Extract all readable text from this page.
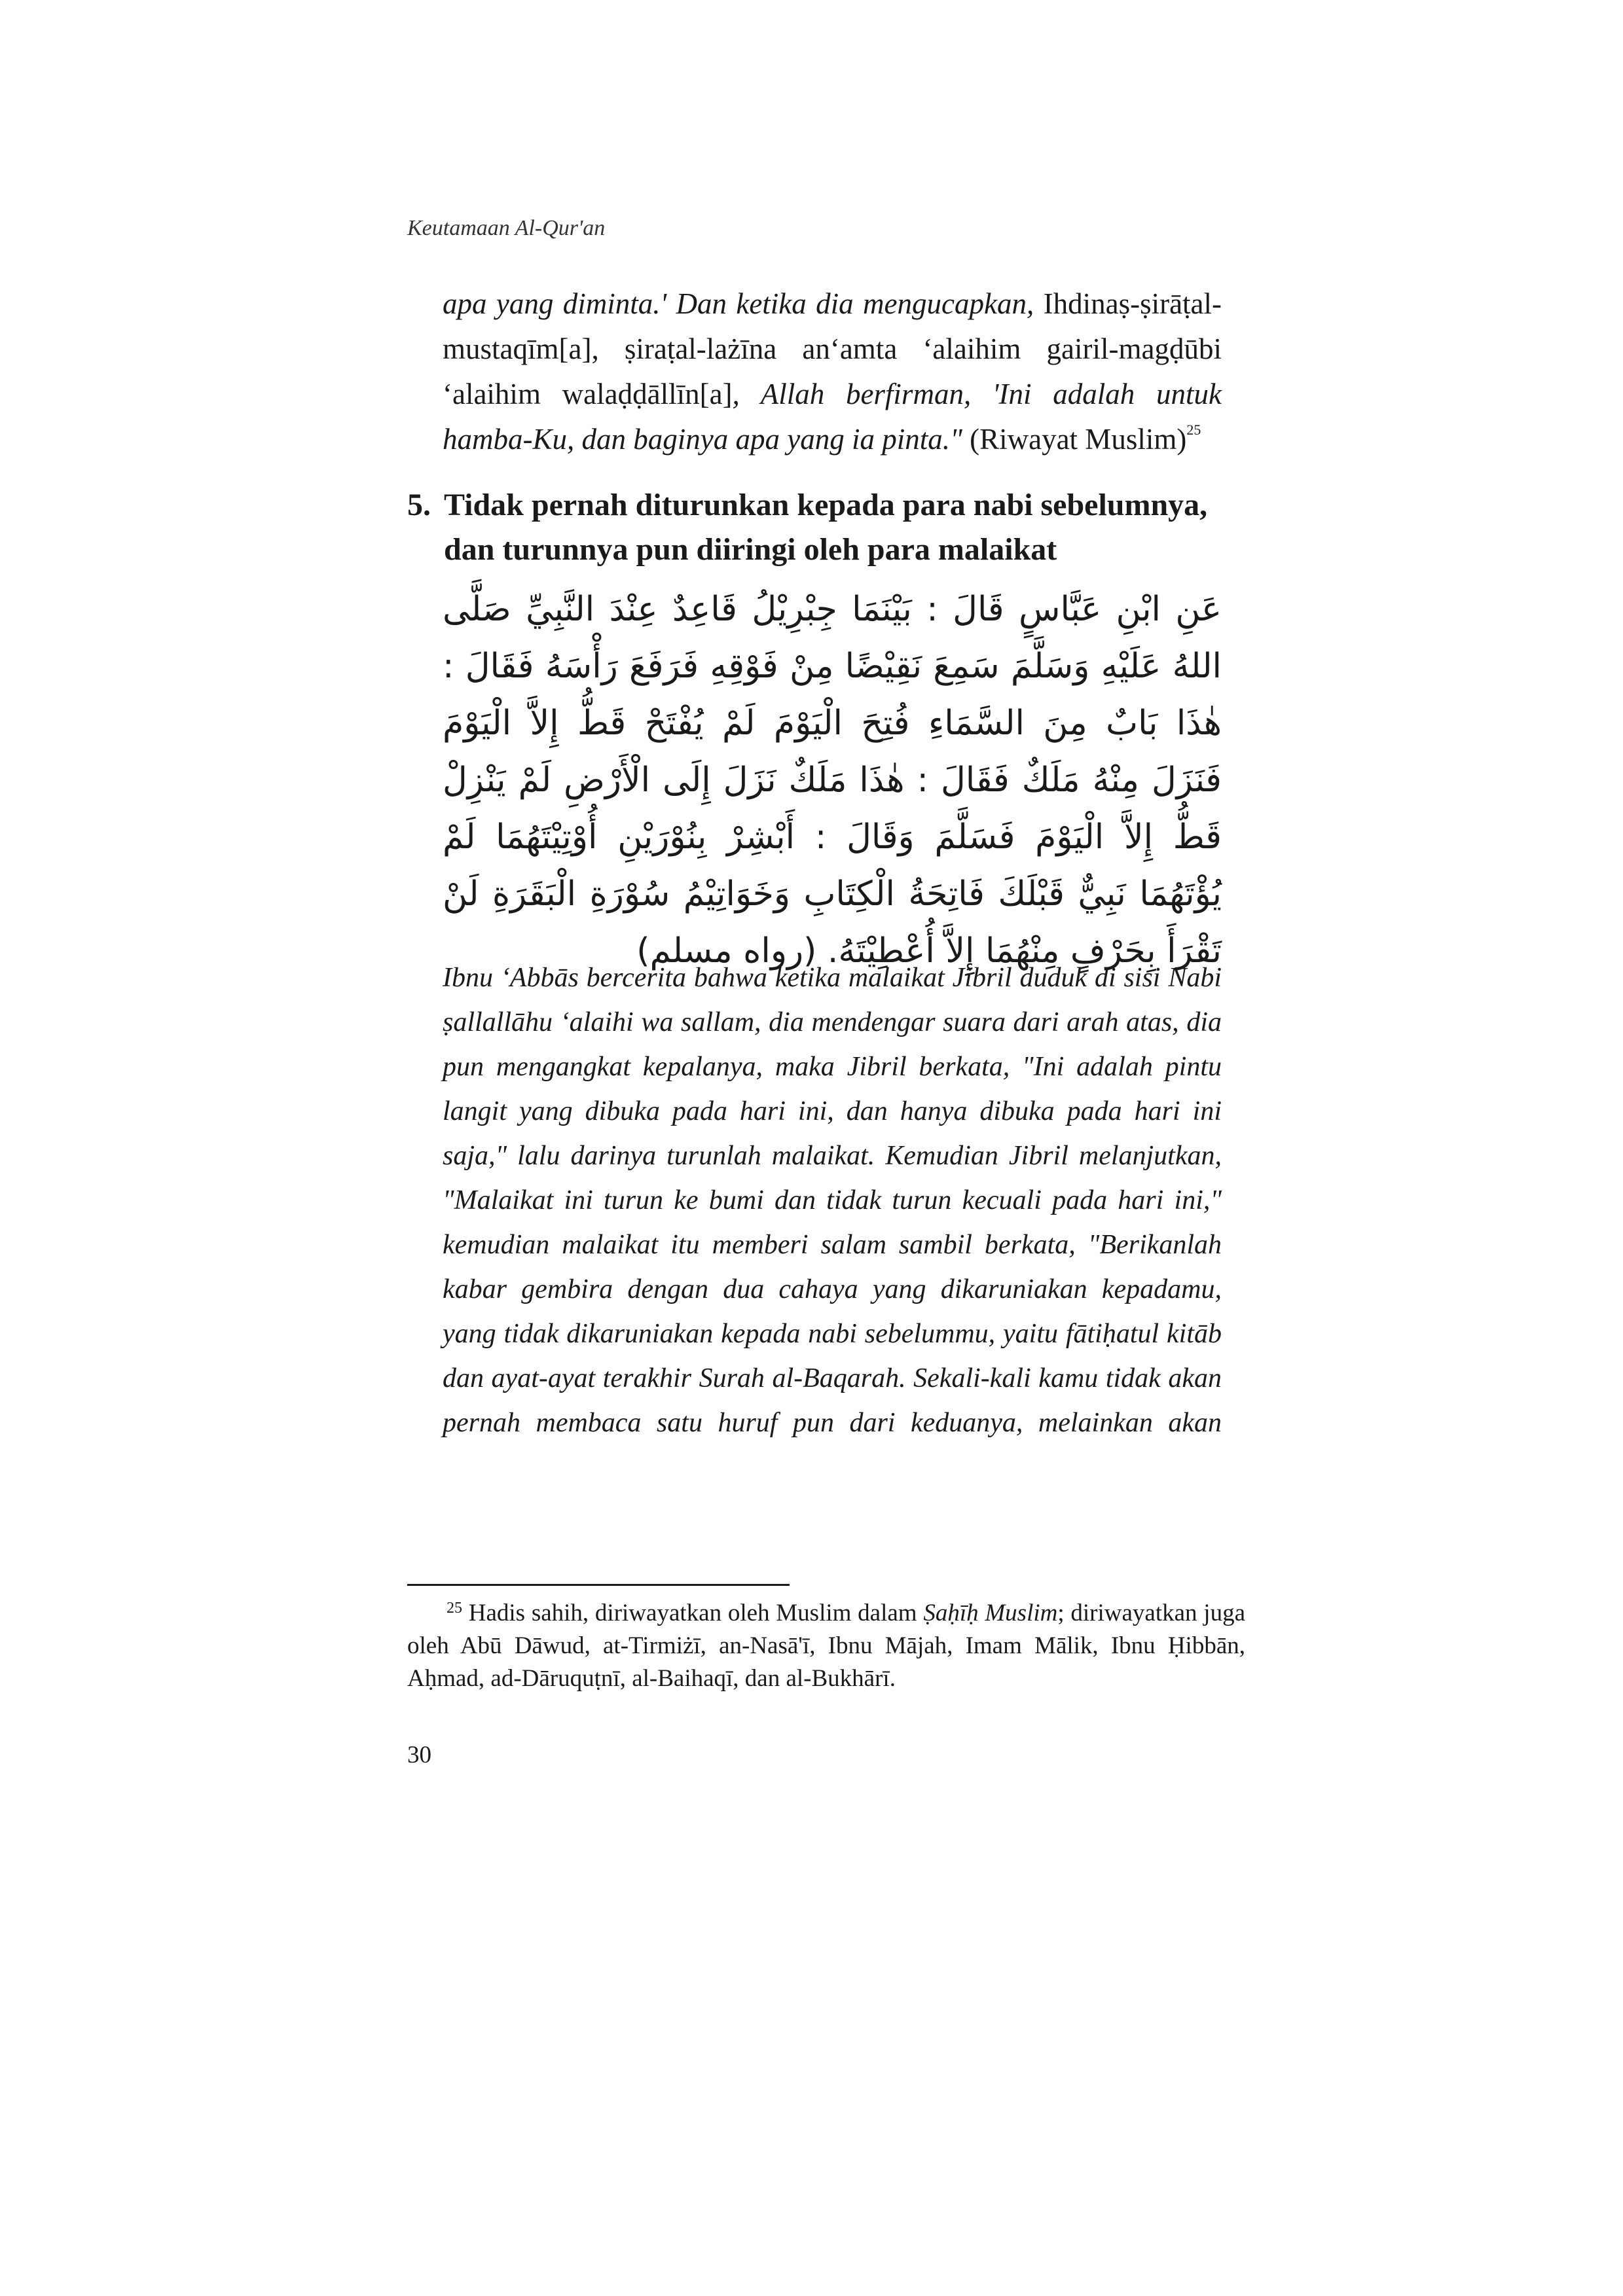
Keutamaan Al-Qur'an

apa yang diminta.' Dan ketika dia mengucapkan, Ihdinaṣ-ṣirāṭal-mustaqīm[a], ṣiraṭal-lażīna an‘amta ‘alaihim gairil-magḍūbi ‘alaihim walaḍḍāllīn[a], Allah berfirman, 'Ini adalah untuk hamba-Ku, dan baginya apa yang ia pinta." (Riwayat Muslim)$^{25}$

5. Tidak pernah diturunkan kepada para nabi sebelumnya, dan turunnya pun diiringi oleh para malaikat
عَنِ ابْنِ عَبَّاسٍ قَالَ : بَيْنَمَا جِبْرِيْلُ قَاعِدٌ عِنْدَ النَّبِيِّ صَلَّى اللهُ عَلَيْهِ وَسَلَّمَ سَمِعَ نَقِيْضًا مِنْ فَوْقِهِ فَرَفَعَ رَأْسَهُ فَقَالَ : هٰذَا بَابٌ مِنَ السَّمَاءِ فُتِحَ الْيَوْمَ لَمْ يُفْتَحْ قَطُّ إِلاَّ الْيَوْمَ فَنَزَلَ مِنْهُ مَلَكٌ فَقَالَ : هٰذَا مَلَكٌ نَزَلَ إِلَى الْأَرْضِ لَمْ يَنْزِلْ قَطُّ إِلاَّ الْيَوْمَ فَسَلَّمَ وَقَالَ : أَبْشِرْ بِنُوْرَيْنِ أُوْتِيْتَهُمَا لَمْ يُؤْتَهُمَا نَبِيٌّ قَبْلَكَ فَاتِحَةُ الْكِتَابِ وَخَوَاتِيْمُ سُوْرَةِ الْبَقَرَةِ لَنْ تَقْرَأَ بِحَرْفٍ مِنْهُمَا إِلاَّ أُعْطِيْتَهُ. (رواه مسلم)

Ibnu ‘Abbās bercerita bahwa ketika malaikat Jibril duduk di sisi Nabi ṣallallāhu ‘alaihi wa sallam, dia mendengar suara dari arah atas, dia pun mengangkat kepalanya, maka Jibril berkata, "Ini adalah pintu langit yang dibuka pada hari ini, dan hanya dibuka pada hari ini saja," lalu darinya turunlah malaikat. Kemudian Jibril melanjutkan, "Malaikat ini turun ke bumi dan tidak turun kecuali pada hari ini," kemudian malaikat itu memberi salam sambil berkata, "Berikanlah kabar gembira dengan dua cahaya yang dikaruniakan kepadamu, yang tidak dikaruniakan kepada nabi sebelummu, yaitu fātiḥatul kitāb dan ayat-ayat terakhir Surah al-Baqarah. Sekali-kali kamu tidak akan pernah membaca satu huruf pun dari keduanya, melainkan akan

$^{25}$ Hadis sahih, diriwayatkan oleh Muslim dalam Ṣaḥīḥ Muslim; diriwayatkan juga oleh Abū Dāwud, at-Tirmiżī, an-Nasā'ī, Ibnu Mājah, Imam Mālik, Ibnu Ḥibbān, Aḥmad, ad-Dāruquṭnī, al-Baihaqī, dan al-Bukhārī.

30
